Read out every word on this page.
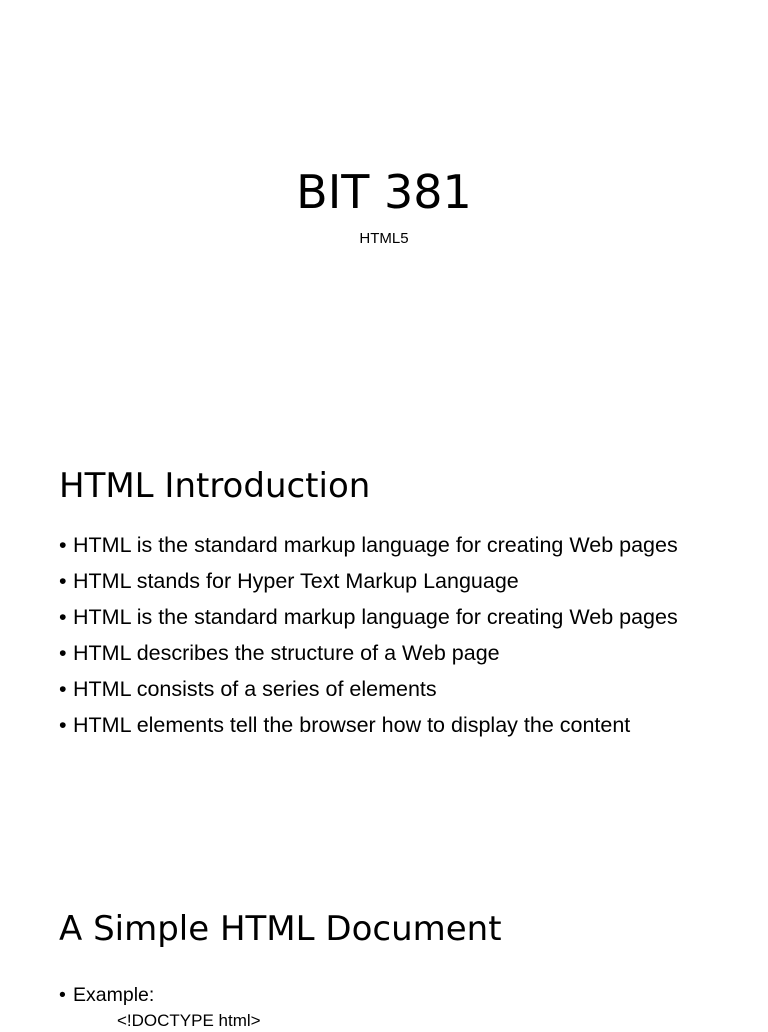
BIT 381
HTML5
HTML Introduction
• HTML is the standard markup language for creating Web pages
• HTML stands for Hyper Text Markup Language
• HTML is the standard markup language for creating Web pages
• HTML describes the structure of a Web page
• HTML consists of a series of elements
• HTML elements tell the browser how to display the content
A Simple HTML Document
• Example:
<!DOCTYPE html>
